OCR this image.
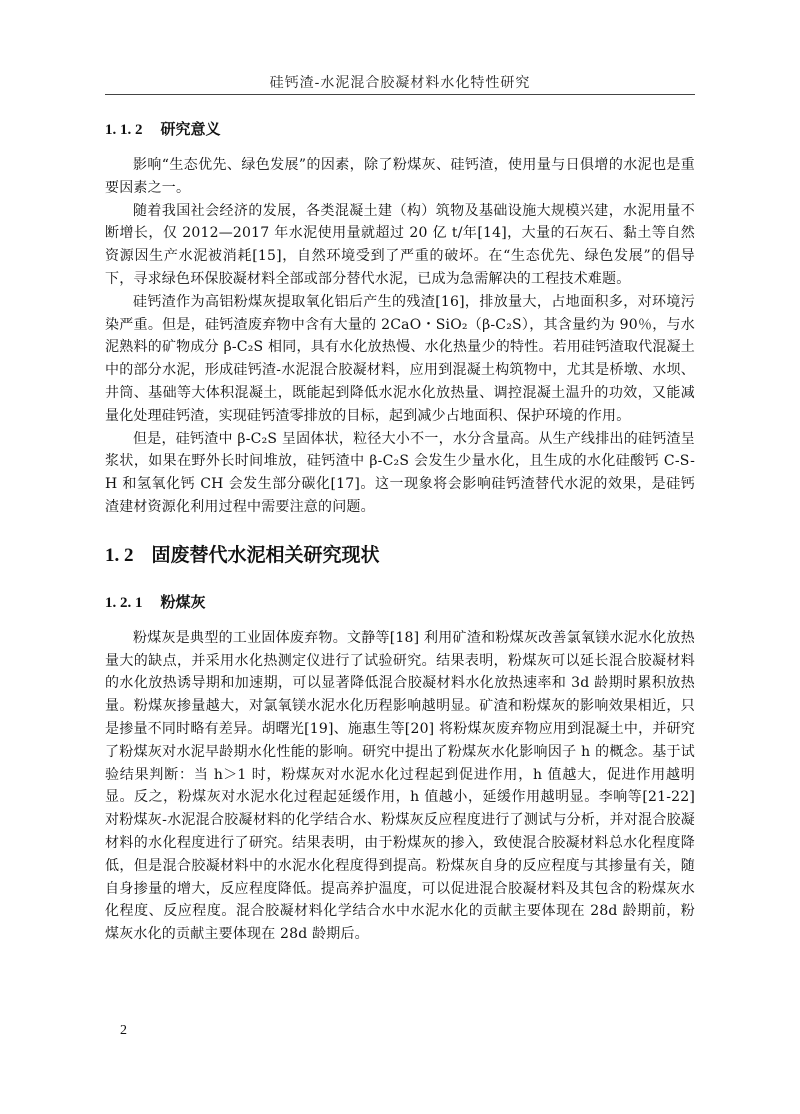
硅钙渣-水泥混合胶凝材料水化特性研究
1. 1. 2 研究意义

影响“生态优先、绿色发展”的因素，除了粉煤灰、硅钙渣，使用量与日俱增的水泥也是重要因素之一。

随着我国社会经济的发展，各类混凝土建（构）筑物及基础设施大规模兴建，水泥用量不断增长，仅 2012—2017 年水泥使用量就超过 20 亿 t/年[14]，大量的石灰石、黏土等自然资源因生产水泥被消耗[15]，自然环境受到了严重的破坏。在“生态优先、绿色发展”的倡导下，寻求绿色环保胶凝材料全部或部分替代水泥，已成为急需解决的工程技术难题。

硅钙渣作为高铝粉煤灰提取氧化铝后产生的残渣[16]，排放量大，占地面积多，对环境污染严重。但是，硅钙渣废弃物中含有大量的 2CaO・SiO₂（β-C₂S），其含量约为 90％，与水泥熟料的矿物成分 β-C₂S 相同，具有水化放热慢、水化热量少的特性。若用硅钙渣取代混凝土中的部分水泥，形成硅钙渣-水泥混合胶凝材料，应用到混凝土构筑物中，尤其是桥墩、水坝、井筒、基础等大体积混凝土，既能起到降低水泥水化放热量、调控混凝土温升的功效，又能减量化处理硅钙渣，实现硅钙渣零排放的目标，起到减少占地面积、保护环境的作用。

但是，硅钙渣中 β-C₂S 呈固体状，粒径大小不一，水分含量高。从生产线排出的硅钙渣呈浆状，如果在野外长时间堆放，硅钙渣中 β-C₂S 会发生少量水化，且生成的水化硅酸钙 C-S-H 和氢氧化钙 CH 会发生部分碳化[17]。这一现象将会影响硅钙渣替代水泥的效果，是硅钙渣建材资源化利用过程中需要注意的问题。

1. 2 固废替代水泥相关研究现状
1. 2. 1 粉煤灰

粉煤灰是典型的工业固体废弃物。文静等[18] 利用矿渣和粉煤灰改善氯氧镁水泥水化放热量大的缺点，并采用水化热测定仪进行了试验研究。结果表明，粉煤灰可以延长混合胶凝材料的水化放热诱导期和加速期，可以显著降低混合胶凝材料水化放热速率和 3d 龄期时累积放热量。粉煤灰掺量越大，对氯氧镁水泥水化历程影响越明显。矿渣和粉煤灰的影响效果相近，只是掺量不同时略有差异。胡曙光[19]、施惠生等[20] 将粉煤灰废弃物应用到混凝土中，并研究了粉煤灰对水泥早龄期水化性能的影响。研究中提出了粉煤灰水化影响因子 h 的概念。基于试验结果判断：当 h＞1 时，粉煤灰对水泥水化过程起到促进作用，h 值越大，促进作用越明显。反之，粉煤灰对水泥水化过程起延缓作用，h 值越小，延缓作用越明显。李响等[21-22] 对粉煤灰-水泥混合胶凝材料的化学结合水、粉煤灰反应程度进行了测试与分析，并对混合胶凝材料的水化程度进行了研究。结果表明，由于粉煤灰的掺入，致使混合胶凝材料总水化程度降低，但是混合胶凝材料中的水泥水化程度得到提高。粉煤灰自身的反应程度与其掺量有关，随自身掺量的增大，反应程度降低。提高养护温度，可以促进混合胶凝材料及其包含的粉煤灰水化程度、反应程度。混合胶凝材料化学结合水中水泥水化的贡献主要体现在 28d 龄期前，粉煤灰水化的贡献主要体现在 28d 龄期后。

2
